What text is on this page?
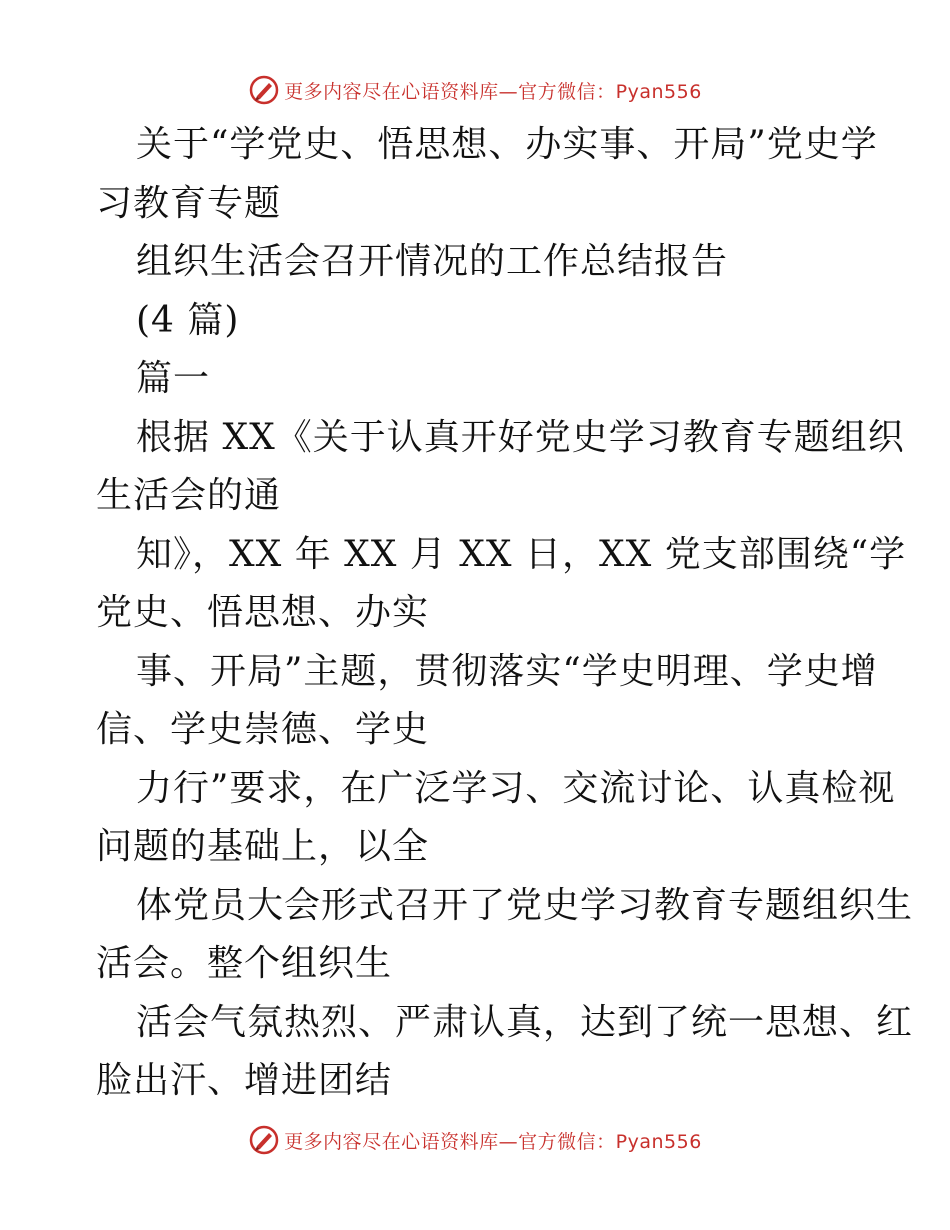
更多内容尽在心语资料库—官方微信：Pyan556
关于“学党史、悟思想、办实事、开局”党史学
习教育专题
组织生活会召开情况的工作总结报告
(4 篇)
篇一
根据 XX《关于认真开好党史学习教育专题组织
生活会的通
知》，XX 年 XX 月 XX 日，XX 党支部围绕“学
党史、悟思想、办实
事、开局”主题，贯彻落实“学史明理、学史增
信、学史崇德、学史
力行”要求，在广泛学习、交流讨论、认真检视
问题的基础上，以全
体党员大会形式召开了党史学习教育专题组织生
活会。整个组织生
活会气氛热烈、严肃认真，达到了统一思想、红
脸出汗、增进团结
更多内容尽在心语资料库—官方微信：Pyan556
